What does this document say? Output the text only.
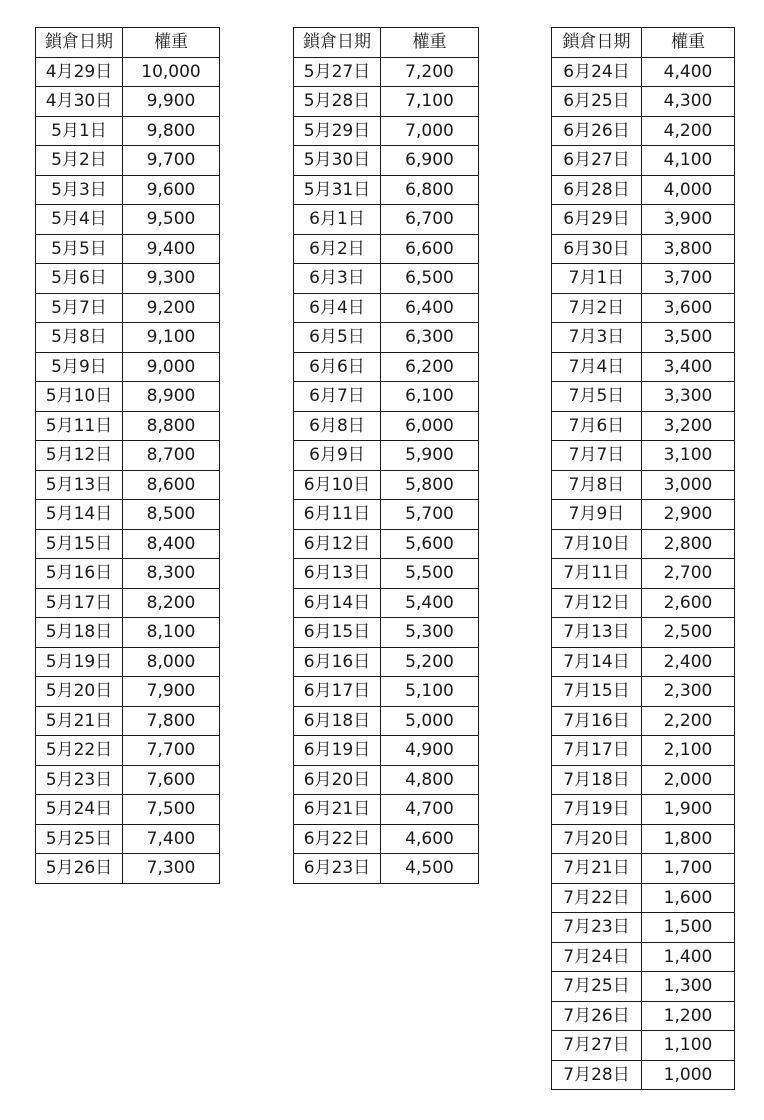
鎖倉日期	權重
4月29日	10,000
4月30日	9,900
5月1日	9,800
5月2日	9,700
5月3日	9,600
5月4日	9,500
5月5日	9,400
5月6日	9,300
5月7日	9,200
5月8日	9,100
5月9日	9,000
5月10日	8,900
5月11日	8,800
5月12日	8,700
5月13日	8,600
5月14日	8,500
5月15日	8,400
5月16日	8,300
5月17日	8,200
5月18日	8,100
5月19日	8,000
5月20日	7,900
5月21日	7,800
5月22日	7,700
5月23日	7,600
5月24日	7,500
5月25日	7,400
5月26日	7,300
鎖倉日期	權重
5月27日	7,200
5月28日	7,100
5月29日	7,000
5月30日	6,900
5月31日	6,800
6月1日	6,700
6月2日	6,600
6月3日	6,500
6月4日	6,400
6月5日	6,300
6月6日	6,200
6月7日	6,100
6月8日	6,000
6月9日	5,900
6月10日	5,800
6月11日	5,700
6月12日	5,600
6月13日	5,500
6月14日	5,400
6月15日	5,300
6月16日	5,200
6月17日	5,100
6月18日	5,000
6月19日	4,900
6月20日	4,800
6月21日	4,700
6月22日	4,600
6月23日	4,500
鎖倉日期	權重
6月24日	4,400
6月25日	4,300
6月26日	4,200
6月27日	4,100
6月28日	4,000
6月29日	3,900
6月30日	3,800
7月1日	3,700
7月2日	3,600
7月3日	3,500
7月4日	3,400
7月5日	3,300
7月6日	3,200
7月7日	3,100
7月8日	3,000
7月9日	2,900
7月10日	2,800
7月11日	2,700
7月12日	2,600
7月13日	2,500
7月14日	2,400
7月15日	2,300
7月16日	2,200
7月17日	2,100
7月18日	2,000
7月19日	1,900
7月20日	1,800
7月21日	1,700
7月22日	1,600
7月23日	1,500
7月24日	1,400
7月25日	1,300
7月26日	1,200
7月27日	1,100
7月28日	1,000
